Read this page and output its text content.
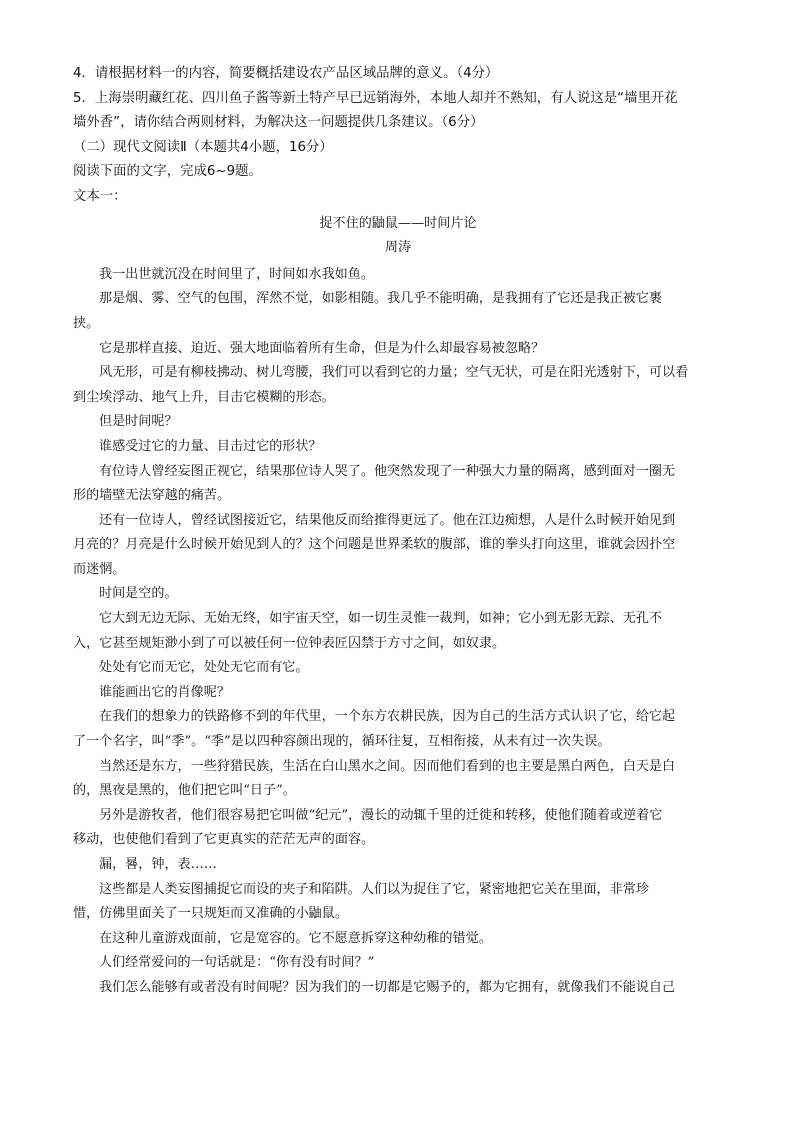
4．请根据材料一的内容，简要概括建设农产品区域品牌的意义。（4分）
5．上海崇明藏红花、四川鱼子酱等新土特产早已远销海外，本地人却并不熟知，有人说这是“墙里开花
墙外香”，请你结合两则材料，为解决这一问题提供几条建议。（6分）
（二）现代文阅读Ⅱ（本题共4小题，16分）
阅读下面的文字，完成6~9题。
文本一：
捉不住的鼬鼠——时间片论
周涛
我一出世就沉没在时间里了，时间如水我如鱼。
那是烟、雾、空气的包围，浑然不觉，如影相随。我几乎不能明确，是我拥有了它还是我正被它裹
挟。
它是那样直接、迫近、强大地面临着所有生命，但是为什么却最容易被忽略？
风无形，可是有柳枝拂动、树儿弯腰，我们可以看到它的力量；空气无状，可是在阳光透射下，可以看
到尘埃浮动、地气上升，目击它模糊的形态。
但是时间呢？
谁感受过它的力量、目击过它的形状？
有位诗人曾经妄图正视它，结果那位诗人哭了。他突然发现了一种强大力量的隔离，感到面对一圈无
形的墙壁无法穿越的痛苦。
还有一位诗人，曾经试图接近它，结果他反而给推得更远了。他在江边痴想，人是什么时候开始见到
月亮的？月亮是什么时候开始见到人的？这个问题是世界柔软的腹部，谁的拳头打向这里，谁就会因扑空
而迷惘。
时间是空的。
它大到无边无际、无始无终，如宇宙天空，如一切生灵惟一裁判，如神；它小到无影无踪、无孔不
入，它甚至规矩渺小到了可以被任何一位钟表匠囚禁于方寸之间，如奴隶。
处处有它而无它，处处无它而有它。
谁能画出它的肖像呢？
在我们的想象力的铁路修不到的年代里，一个东方农耕民族，因为自己的生活方式认识了它，给它起
了一个名字，叫“季”。“季”是以四种容颜出现的，循环往复，互相衔接，从未有过一次失误。
当然还是东方，一些狩猎民族，生活在白山黑水之间。因而他们看到的也主要是黑白两色，白天是白
的，黑夜是黑的，他们把它叫“日子”。
另外是游牧者，他们很容易把它叫做“纪元”，漫长的动辄千里的迁徙和转移，使他们随着或逆着它
移动，也使他们看到了它更真实的茫茫无声的面容。
漏，晷，钟，表……
这些都是人类妄图捕捉它而设的夹子和陷阱。人们以为捉住了它，紧密地把它关在里面，非常珍
惜，仿佛里面关了一只规矩而又准确的小鼬鼠。
在这种儿童游戏面前，它是宽容的。它不愿意拆穿这种幼稚的错觉。
人们经常爱问的一句话就是：“你有没有时间？”
我们怎么能够有或者没有时间呢？因为我们的一切都是它赐予的，都为它拥有，就像我们不能说自己
